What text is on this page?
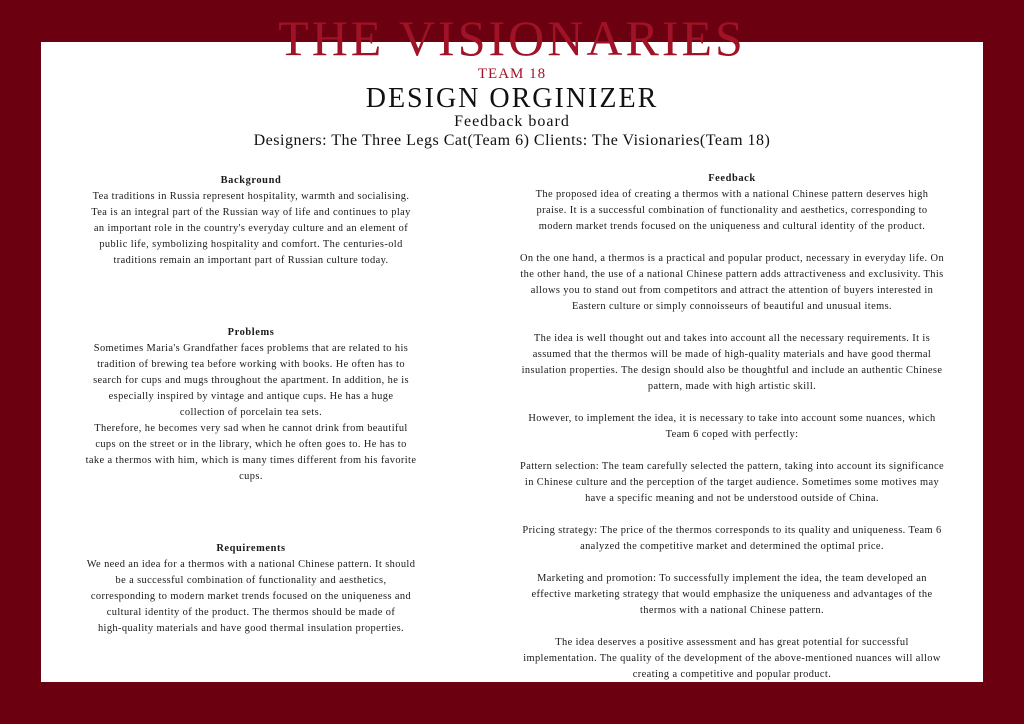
THE VISIONARIES
TEAM 18
DESIGN ORGINIZER
Feedback board
Designers: The Three Legs Cat(Team 6) Clients: The Visionaries(Team 18)
Background

Tea traditions in Russia represent hospitality, warmth and socialising.
Tea is an integral part of the Russian way of life and continues to play
an important role in the country's everyday culture and an element of
public life, symbolizing hospitality and comfort. The centuries-old
traditions remain an important part of Russian culture today.

Problems

Sometimes Maria's Grandfather faces problems that are related to his
tradition of brewing tea before working with books. He often has to
search for cups and mugs throughout the apartment. In addition, he is
especially inspired by vintage and antique cups. He has a huge
collection of porcelain tea sets.
Therefore, he becomes very sad when he cannot drink from beautiful
cups on the street or in the library, which he often goes to. He has to
take a thermos with him, which is many times different from his favorite
cups.

Requirements

We need an idea for a thermos with a national Chinese pattern. It should
be a successful combination of functionality and aesthetics,
corresponding to modern market trends focused on the uniqueness and
cultural identity of the product. The thermos should be made of
high-quality materials and have good thermal insulation properties.

Feedback

The proposed idea of creating a thermos with a national Chinese pattern deserves high
praise. It is a successful combination of functionality and aesthetics, corresponding to
modern market trends focused on the uniqueness and cultural identity of the product.

On the one hand, a thermos is a practical and popular product, necessary in everyday life. On
the other hand, the use of a national Chinese pattern adds attractiveness and exclusivity. This
allows you to stand out from competitors and attract the attention of buyers interested in
Eastern culture or simply connoisseurs of beautiful and unusual items.

The idea is well thought out and takes into account all the necessary requirements. It is
assumed that the thermos will be made of high-quality materials and have good thermal
insulation properties. The design should also be thoughtful and include an authentic Chinese
pattern, made with high artistic skill.

However, to implement the idea, it is necessary to take into account some nuances, which
Team 6 coped with perfectly:

Pattern selection: The team carefully selected the pattern, taking into account its significance
in Chinese culture and the perception of the target audience. Sometimes some motives may
have a specific meaning and not be understood outside of China.

Pricing strategy: The price of the thermos corresponds to its quality and uniqueness. Team 6
analyzed the competitive market and determined the optimal price.

Marketing and promotion: To successfully implement the idea, the team developed an
effective marketing strategy that would emphasize the uniqueness and advantages of the
thermos with a national Chinese pattern.

The idea deserves a positive assessment and has great potential for successful
implementation. The quality of the development of the above-mentioned nuances will allow
creating a competitive and popular product.
